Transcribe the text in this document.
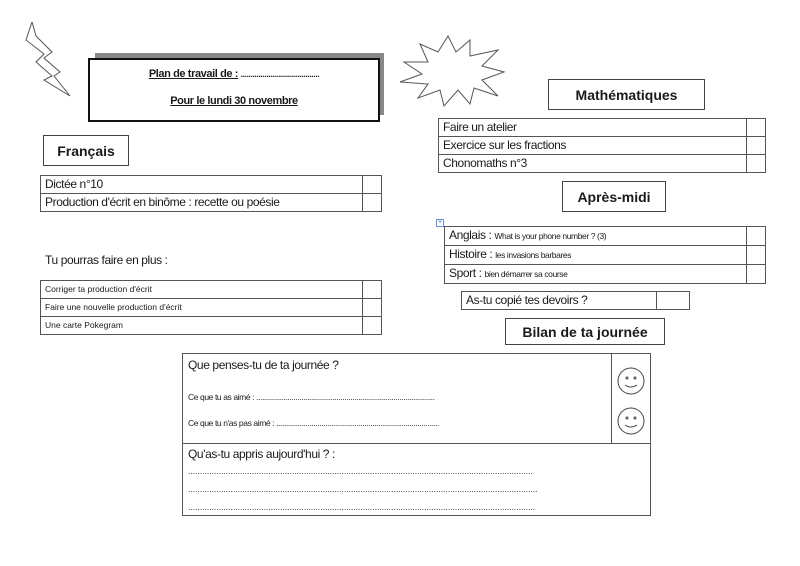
Plan de travail de : ........................................
Pour le lundi 30 novembre
Français
Dictée n°10	
Production d'écrit en binôme : recette ou poésie	
Tu pourras faire en plus :
Corriger ta production d'écrit	
Faire une nouvelle production d'écrit	
Une carte Pokegram	
Mathématiques
Faire un atelier	
Exercice sur les fractions	
Chonomaths n°3	
Après-midi
+
Anglais : What is your phone number ? (3)	
Histoire : les invasions barbares	
Sport : bien démarrer sa course	
As-tu copié tes devoirs ?	
Bilan de ta journée
Que penses-tu de ta journée ?
Ce que tu as aimé : ...........................................................................................
Ce que tu n'as pas aimé : ...................................................................................
Qu'as-tu appris aujourd'hui ? :
..................................................................................................................................................
....................................................................................................................................................
...................................................................................................................................................
